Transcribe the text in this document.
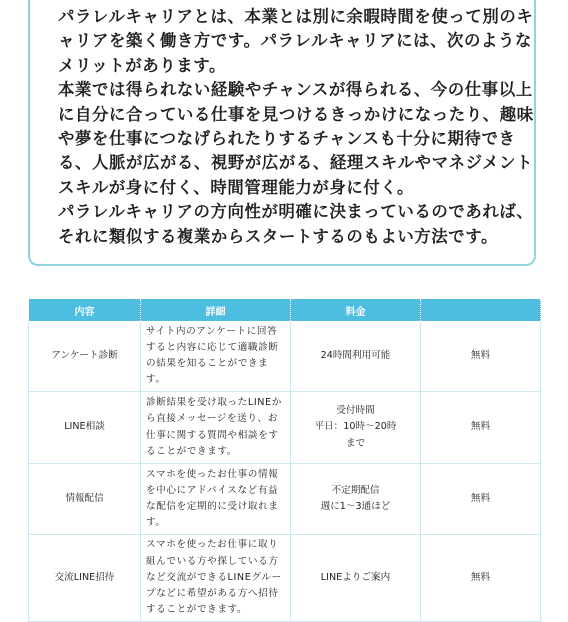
パラレルキャリアとは、本業とは別に余暇時間を使って別のキ

ャリアを築く働き方です。パラレルキャリアには、次のような

メリットがあります。

本業では得られない経験やチャンスが得られる、今の仕事以上

に自分に合っている仕事を見つけるきっかけになったり、趣味

や夢を仕事につなげられたりするチャンスも十分に期待でき

る、人脈が広がる、視野が広がる、経理スキルやマネジメント

スキルが身に付く、時間管理能力が身に付く。

パラレルキャリアの方向性が明確に決まっているのであれば、

それに類似する複業からスタートするのもよい方法です。

内容	詳細	料金	
アンケート診断	サイト内のアンケートに回答すると内容に応じて適職診断の結果を知ることができます。	24時間利用可能	無料
LINE相談	診断結果を受け取ったLINEから直接メッセージを送り、お仕事に関する質問や相談をすることができます。	受付時間
平日：10時〜20時
まで	無料
情報配信	スマホを使ったお仕事の情報を中心にアドバイスなど有益な配信を定期的に受け取れます。	不定期配信
週に1〜3通ほど	無料
交流LINE招待	スマホを使ったお仕事に取り組んでいる方や探している方など交流ができるLINEグループなどに希望がある方へ招待することができます。	LINEよりご案内	無料
